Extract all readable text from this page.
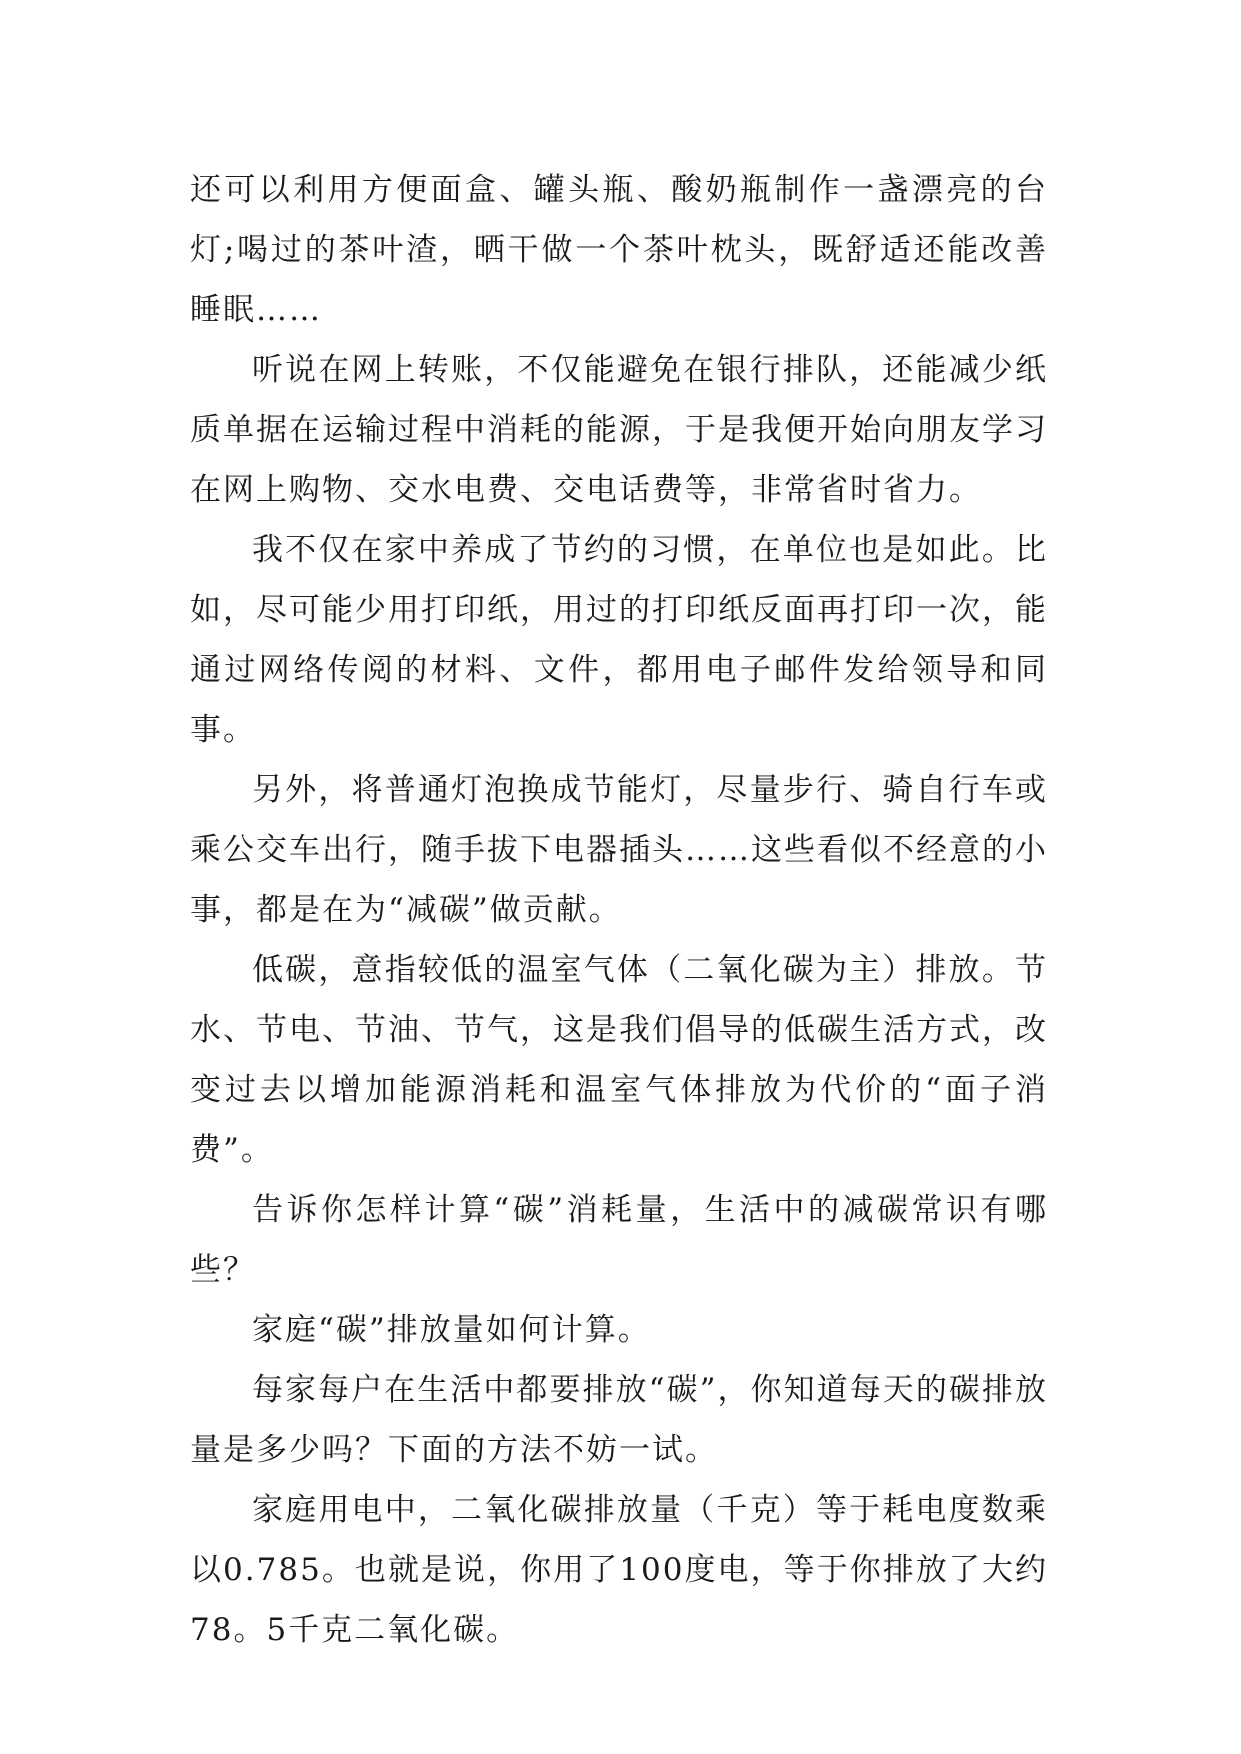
还可以利用方便面盒、罐头瓶、酸奶瓶制作一盏漂亮的台灯;喝过的茶叶渣，晒干做一个茶叶枕头，既舒适还能改善睡眠……

听说在网上转账，不仅能避免在银行排队，还能减少纸质单据在运输过程中消耗的能源，于是我便开始向朋友学习在网上购物、交水电费、交电话费等，非常省时省力。

我不仅在家中养成了节约的习惯，在单位也是如此。比如，尽可能少用打印纸，用过的打印纸反面再打印一次，能通过网络传阅的材料、文件，都用电子邮件发给领导和同事。

另外，将普通灯泡换成节能灯，尽量步行、骑自行车或乘公交车出行，随手拔下电器插头……这些看似不经意的小事，都是在为“减碳”做贡献。

低碳，意指较低的温室气体（二氧化碳为主）排放。节水、节电、节油、节气，这是我们倡导的低碳生活方式，改变过去以增加能源消耗和温室气体排放为代价的“面子消费”。

告诉你怎样计算“碳”消耗量，生活中的减碳常识有哪些？

家庭“碳”排放量如何计算。

每家每户在生活中都要排放“碳”，你知道每天的碳排放量是多少吗？下面的方法不妨一试。

家庭用电中，二氧化碳排放量（千克）等于耗电度数乘以0.785。也就是说，你用了100度电，等于你排放了大约78。5千克二氧化碳。
